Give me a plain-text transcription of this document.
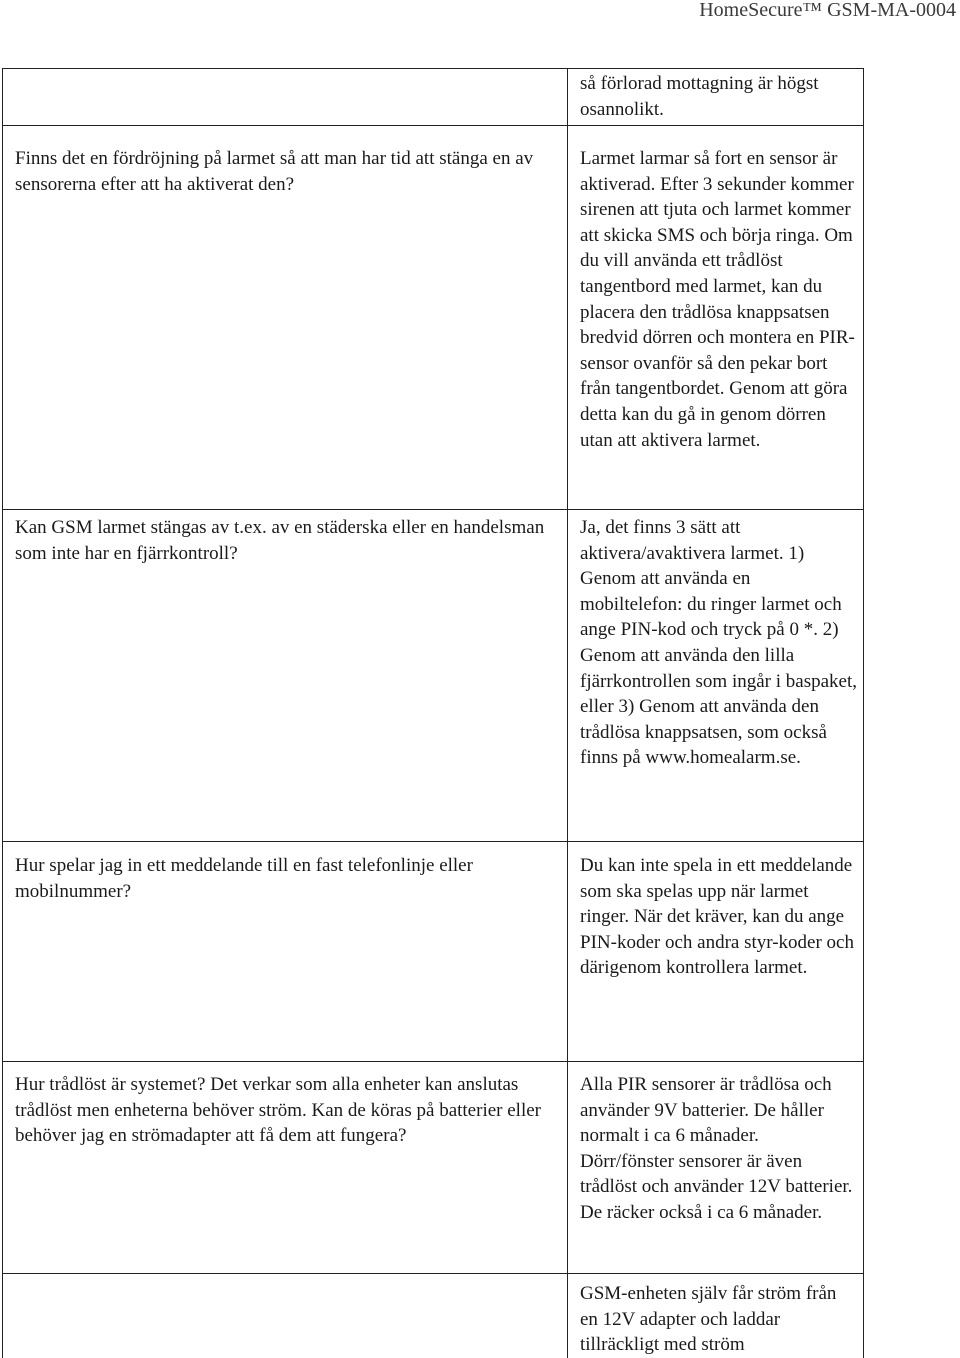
HomeSecure™ GSM-MA-0004

	så förlorad mottagning är högst osannolikt.

Finns det en fördröjning på larmet så att man har tid att stänga en av sensorerna efter att ha aktiverat den?	Larmet larmar så fort en sensor är aktiverad. Efter 3 sekunder kommer sirenen att tjuta och larmet kommer att skicka SMS och börja ringa. Om du vill använda ett trådlöst tangentbord med larmet, kan du placera den trådlösa knappsatsen bredvid dörren och montera en PIR-sensor ovanför så den pekar bort från tangentbordet. Genom att göra detta kan du gå in genom dörren utan att aktivera larmet.

Kan GSM larmet stängas av t.ex. av en städerska eller en handelsman som inte har en fjärrkontroll?	Ja, det finns 3 sätt att aktivera/avaktivera larmet. 1) Genom att använda en mobiltelefon: du ringer larmet och ange PIN-kod och tryck på 0 *. 2) Genom att använda den lilla fjärrkontrollen som ingår i baspaket, eller 3) Genom att använda den trådlösa knappsatsen, som också finns på www.homealarm.se.

Hur spelar jag in ett meddelande till en fast telefonlinje eller mobilnummer?	Du kan inte spela in ett meddelande som ska spelas upp när larmet ringer. När det kräver, kan du ange PIN-koder och andra styr-koder och därigenom kontrollera larmet.

Hur trådlöst är systemet? Det verkar som alla enheter kan anslutas trådlöst men enheterna behöver ström. Kan de köras på batterier eller behöver jag en strömadapter att få dem att fungera?	Alla PIR sensorer är trådlösa och använder 9V batterier. De håller normalt i ca 6 månader. Dörr/fönster sensorer är även trådlöst och använder 12V batterier. De räcker också i ca 6 månader.

	GSM-enheten själv får ström från en 12V adapter och laddar tillräckligt med ström
